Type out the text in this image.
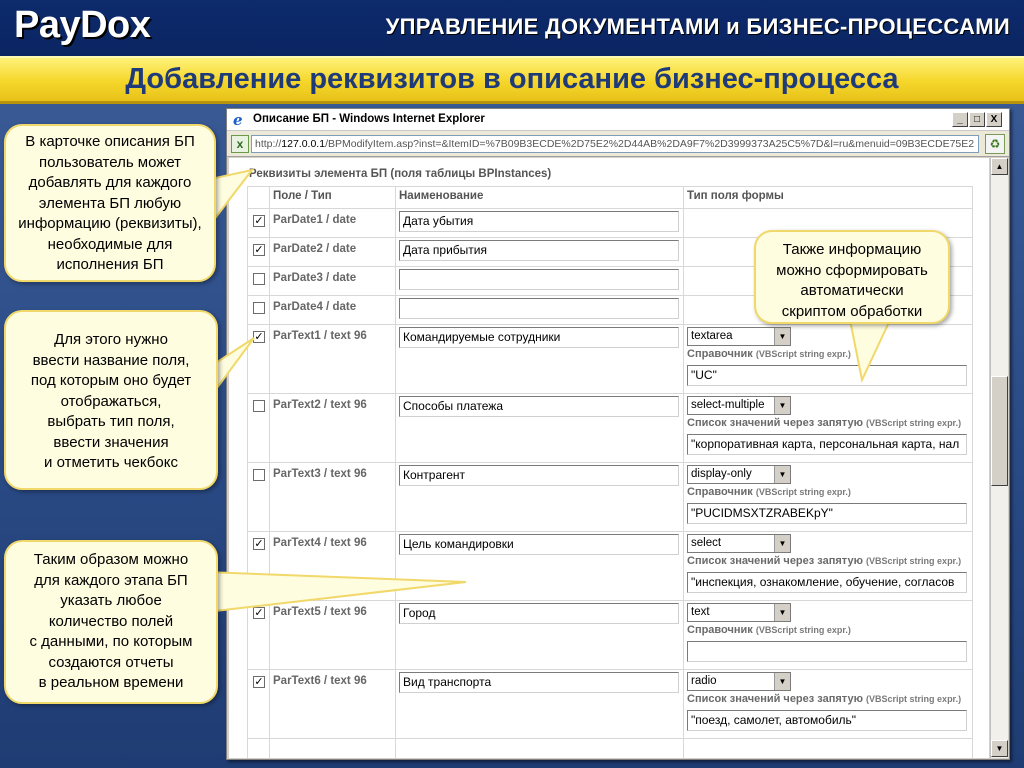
PayDox	УПРАВЛЕНИЕ ДОКУМЕНТАМИ и БИЗНЕС-ПРОЦЕССАМИ
Добавление реквизитов в описание бизнес-процесса
e Описание БП - Windows Internet Explorer	_	□	X
x	http://127.0.0.1/BPModifyItem.asp?inst=&ItemID=%7B09B3ECDE%2D75E2%2D44AB%2DA9F7%2D3999373A25C5%7D&l=ru&menuid=09B3ECDE75E2	♻
Реквизиты элемента БП (поля таблицы BPInstances)
Поле / Тип	Наименование	Тип поля формы
✓ ParDate1 / date	Дата убытия
✓ ParDate2 / date	Дата прибытия
ParDate3 / date
ParDate4 / date
✓ ParText1 / text 96	Командируемые сотрудники	textarea	▼
Справочник (VBScript string expr.)
"UC"
ParText2 / text 96	Способы платежа	select-multiple	▼
Список значений через запятую (VBScript string expr.)
"корпоративная карта, персональная карта, нал
ParText3 / text 96	Контрагент	display-only	▼
Справочник (VBScript string expr.)
"PUCIDMSXTZRABEKpY"
✓ ParText4 / text 96	Цель командировки	select	▼
Список значений через запятую (VBScript string expr.)
"инспекция, ознакомление, обучение, согласов
✓ ParText5 / text 96	Город	text	▼
Справочник (VBScript string expr.)
✓ ParText6 / text 96	Вид транспорта	radio	▼
Список значений через запятую (VBScript string expr.)
"поезд, самолет, автомобиль"
▲
▼

В карточке описания БП
пользователь может
добавлять для каждого
элемента БП любую
информацию (реквизиты),
необходимые для
исполнения БП

Для этого нужно
ввести название поля,
под которым оно будет
отображаться,
выбрать тип поля,
ввести значения
и отметить чекбокс

Таким образом можно
для каждого этапа БП
указать любое
количество полей
с данными, по которым
создаются отчеты
в реальном времени

Также информацию
можно сформировать
автоматически
скриптом обработки
